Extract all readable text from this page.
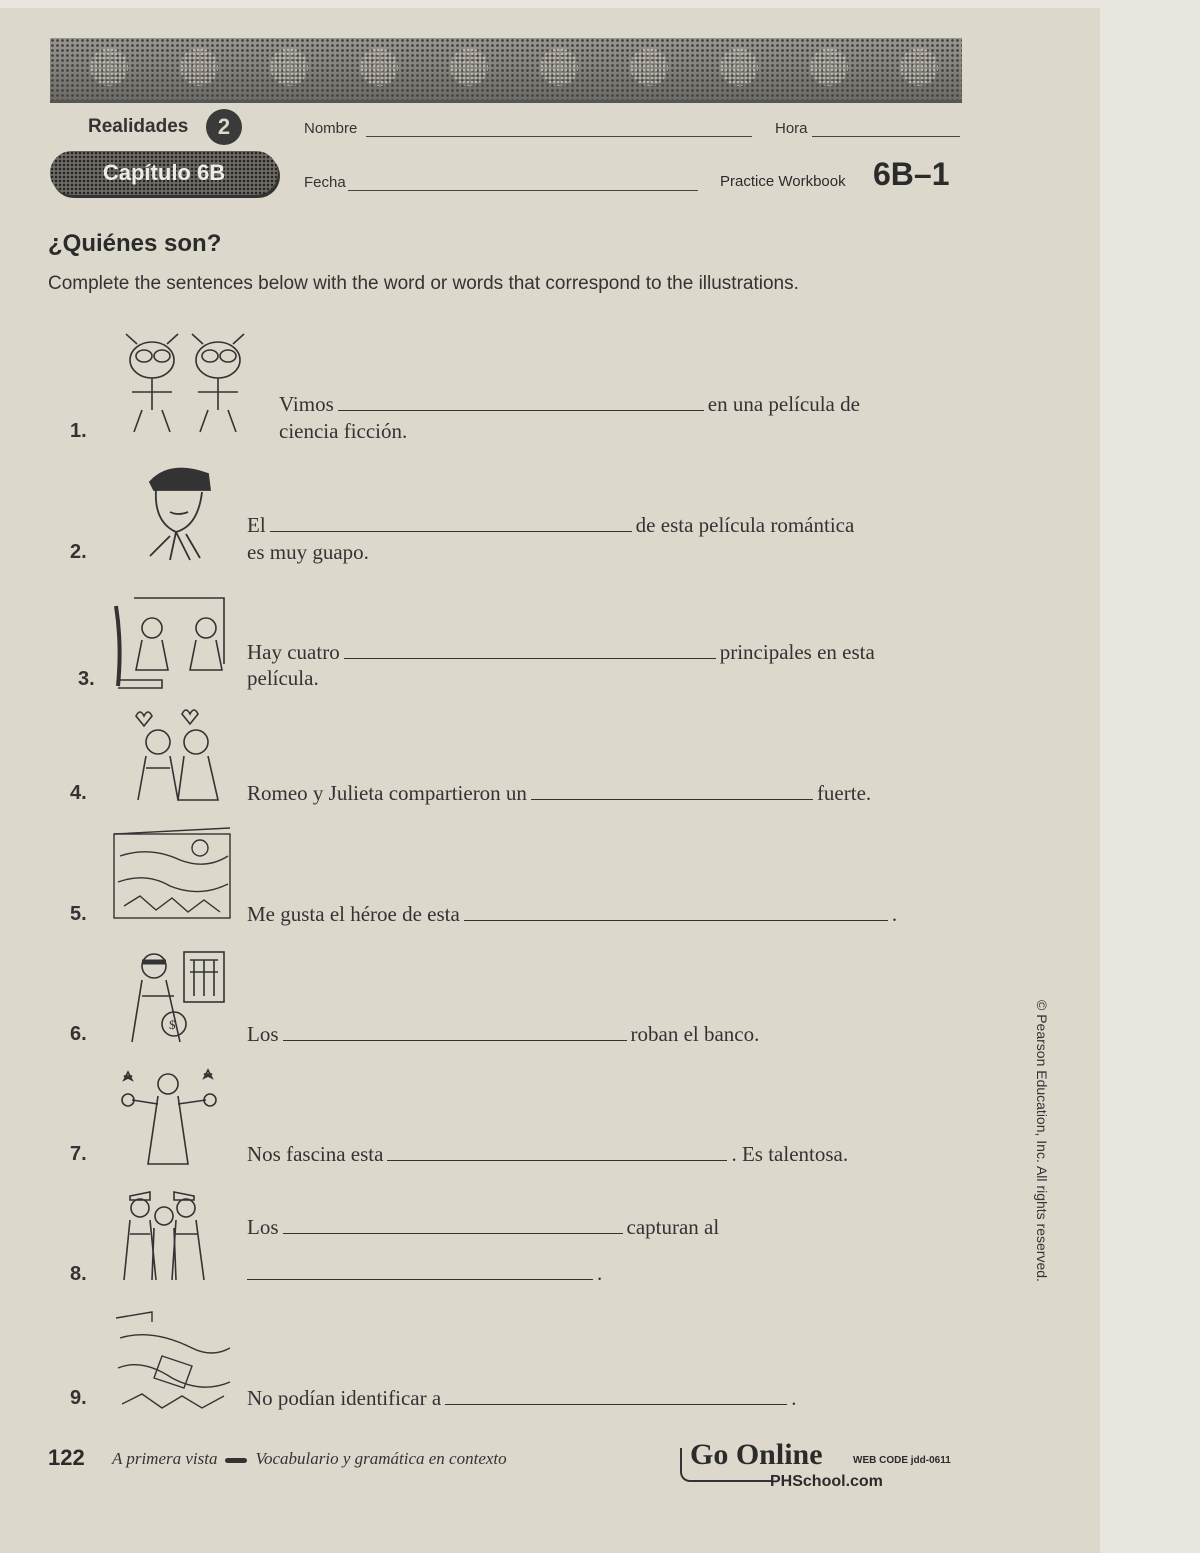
Realidades	2
Capítulo 6B
Nombre	Hora
Fecha	Practice Workbook 6B–1
¿Quiénes son?
Complete the sentences below with the word or words that correspond to the illustrations.
1.
Vimos	en una película de
ciencia ficción.
2.
El	de esta película romántica
es muy guapo.
3.
Hay cuatro	principales en esta
película.
4.	Romeo y Julieta compartieron un	fuerte.
5.	Me gusta el héroe de esta	.
$
6.	Los	roban el banco.
7.	Nos fascina esta	. Es talentosa.
8.
Los	capturan al
.
9.	No podían identificar a	.
122 A primera vista Vocabulario y gramática en contexto	Go Online	WEB CODE jdd-0611
PHSchool.com
© Pearson Education, Inc. All rights reserved.
